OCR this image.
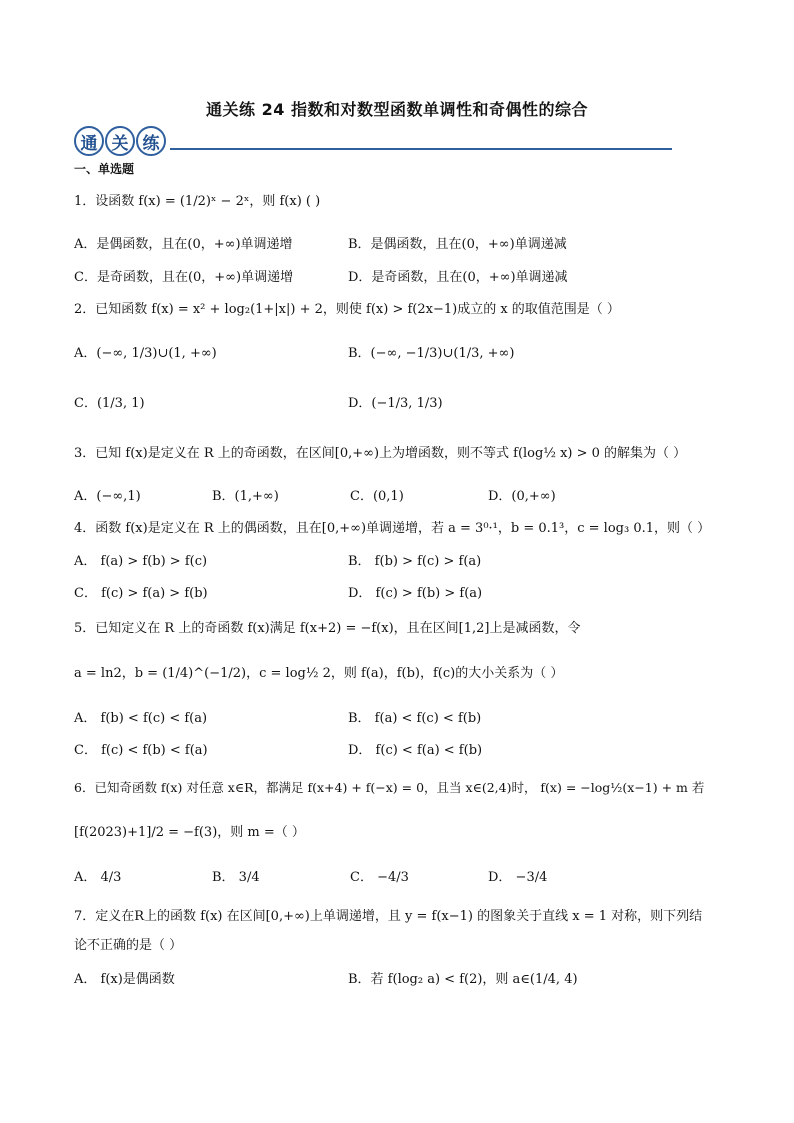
通关练 24 指数和对数型函数单调性和奇偶性的综合
通 关 练
一、单选题
1．设函数 f(x) = (1/2)ˣ − 2ˣ，则 f(x) ( )
A．是偶函数，且在(0，+∞)单调递增	B．是偶函数，且在(0，+∞)单调递减
C．是奇函数，且在(0，+∞)单调递增	D．是奇函数，且在(0，+∞)单调递减
2．已知函数 f(x) = x² + log₂(1+|x|) + 2，则使 f(x) > f(2x−1)成立的 x 的取值范围是（ ）
A．(−∞, 1/3)∪(1, +∞)	B．(−∞, −1/3)∪(1/3, +∞)
C．(1/3, 1)	D．(−1/3, 1/3)
3．已知 f(x)是定义在 R 上的奇函数，在区间[0,+∞)上为增函数，则不等式 f(log½ x) > 0 的解集为（ ）
A．(−∞,1)	B．(1,+∞)	C．(0,1)	D．(0,+∞)
4．函数 f(x)是定义在 R 上的偶函数，且在[0,+∞)单调递增，若 a = 3⁰·¹，b = 0.1³，c = log₃ 0.1，则（ ）
A． f(a) > f(b) > f(c)	B． f(b) > f(c) > f(a)
C． f(c) > f(a) > f(b)	D． f(c) > f(b) > f(a)
5．已知定义在 R 上的奇函数 f(x)满足 f(x+2) = −f(x)，且在区间[1,2]上是减函数，令
a = ln2，b = (1/4)^(−1/2)，c = log½ 2，则 f(a)，f(b)，f(c)的大小关系为（ ）
A． f(b) < f(c) < f(a)	B． f(a) < f(c) < f(b)
C． f(c) < f(b) < f(a)	D． f(c) < f(a) < f(b)
6．已知奇函数 f(x) 对任意 x∈R，都满足 f(x+4) + f(−x) = 0，且当 x∈(2,4)时， f(x) = −log½(x−1) + m 若
[f(2023)+1]/2 = −f(3)，则 m =（ ）
A． 4/3	B． 3/4	C． −4/3	D． −3/4
7．定义在R上的函数 f(x) 在区间[0,+∞)上单调递增，且 y = f(x−1) 的图象关于直线 x = 1 对称，则下列结
论不正确的是（ ）
A． f(x)是偶函数	B．若 f(log₂ a) < f(2)，则 a∈(1/4, 4)
